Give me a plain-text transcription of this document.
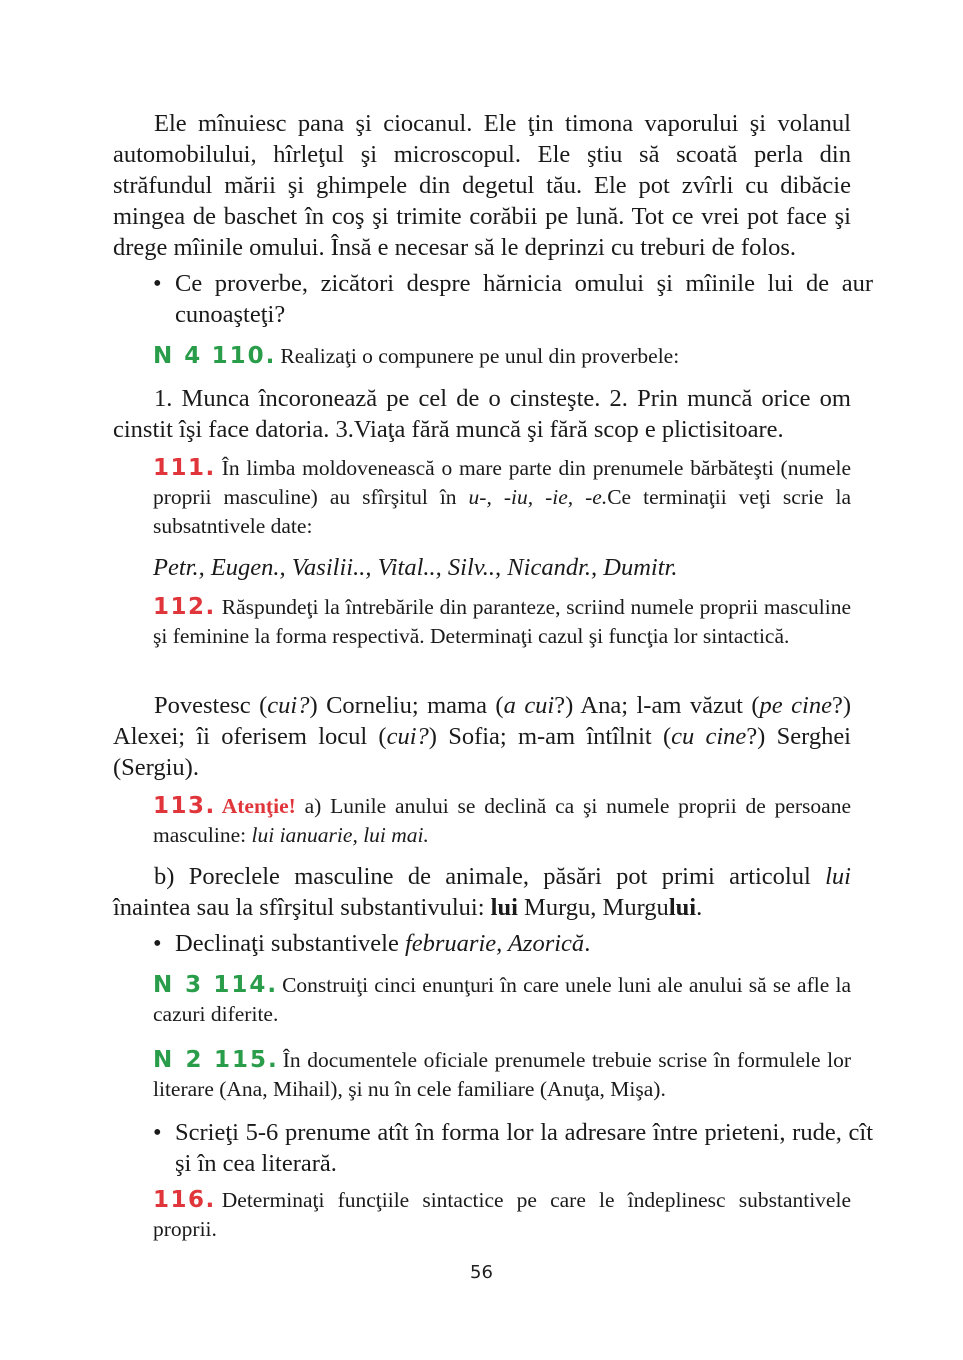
Ele mînuiesc pana şi ciocanul. Ele ţin timona vaporului şi volanul automobilului, hîrleţul şi microscopul. Ele ştiu să scoată perla din străfundul mării şi ghimpele din degetul tău. Ele pot zvîrli cu dibăcie mingea de baschet în coş şi trimite corăbii pe lună. Tot ce vrei pot face şi drege mîinile omului. Însă e necesar să le deprinzi cu treburi de folos.

• Ce proverbe, zicători despre hărnicia omului şi mîinile lui de aur cunoaşteţi?

N 4 110. Realizaţi o compunere pe unul din proverbele:

1. Munca încoronează pe cel de o cinsteşte. 2. Prin muncă orice om cinstit îşi face datoria. 3.Viaţa fără muncă şi fără scop e plictisitoare.

111. În limba moldovenească o mare parte din prenumele bărbăteşti (numele proprii masculine) au sfîrşitul în u-, -iu, -ie, -e.Ce terminaţii veţi scrie la subsatntivele date:

Petr., Eugen., Vasilii.., Vital.., Silv.., Nicandr., Dumitr.

112. Răspundeţi la întrebările din paranteze, scriind numele proprii masculine şi feminine la forma respectivă. Determinaţi cazul şi funcţia lor sintactică.

Povestesc (cui?) Corneliu; mama (a cui?) Ana; l-am văzut (pe cine?) Alexei; îi oferisem locul (cui?) Sofia; m-am întîlnit (cu cine?) Serghei (Sergiu).

113. Atenţie! a) Lunile anului se declină ca şi numele proprii de persoane masculine: lui ianuarie, lui mai.

b) Poreclele masculine de animale, păsări pot primi articolul lui înaintea sau la sfîrşitul substantivului: lui Murgu, Murgului.

• Declinaţi substantivele februarie, Azorică.

N 3 114. Construiţi cinci enunţuri în care unele luni ale anului să se afle la cazuri diferite.

N 2 115. În documentele oficiale prenumele trebuie scrise în formulele lor literare (Ana, Mihail), şi nu în cele familiare (Anuţa, Mişa).

• Scrieţi 5-6 prenume atît în forma lor la adresare între prieteni, rude, cît şi în cea literară.

116. Determinaţi funcţiile sintactice pe care le îndeplinesc substantivele proprii.

56
